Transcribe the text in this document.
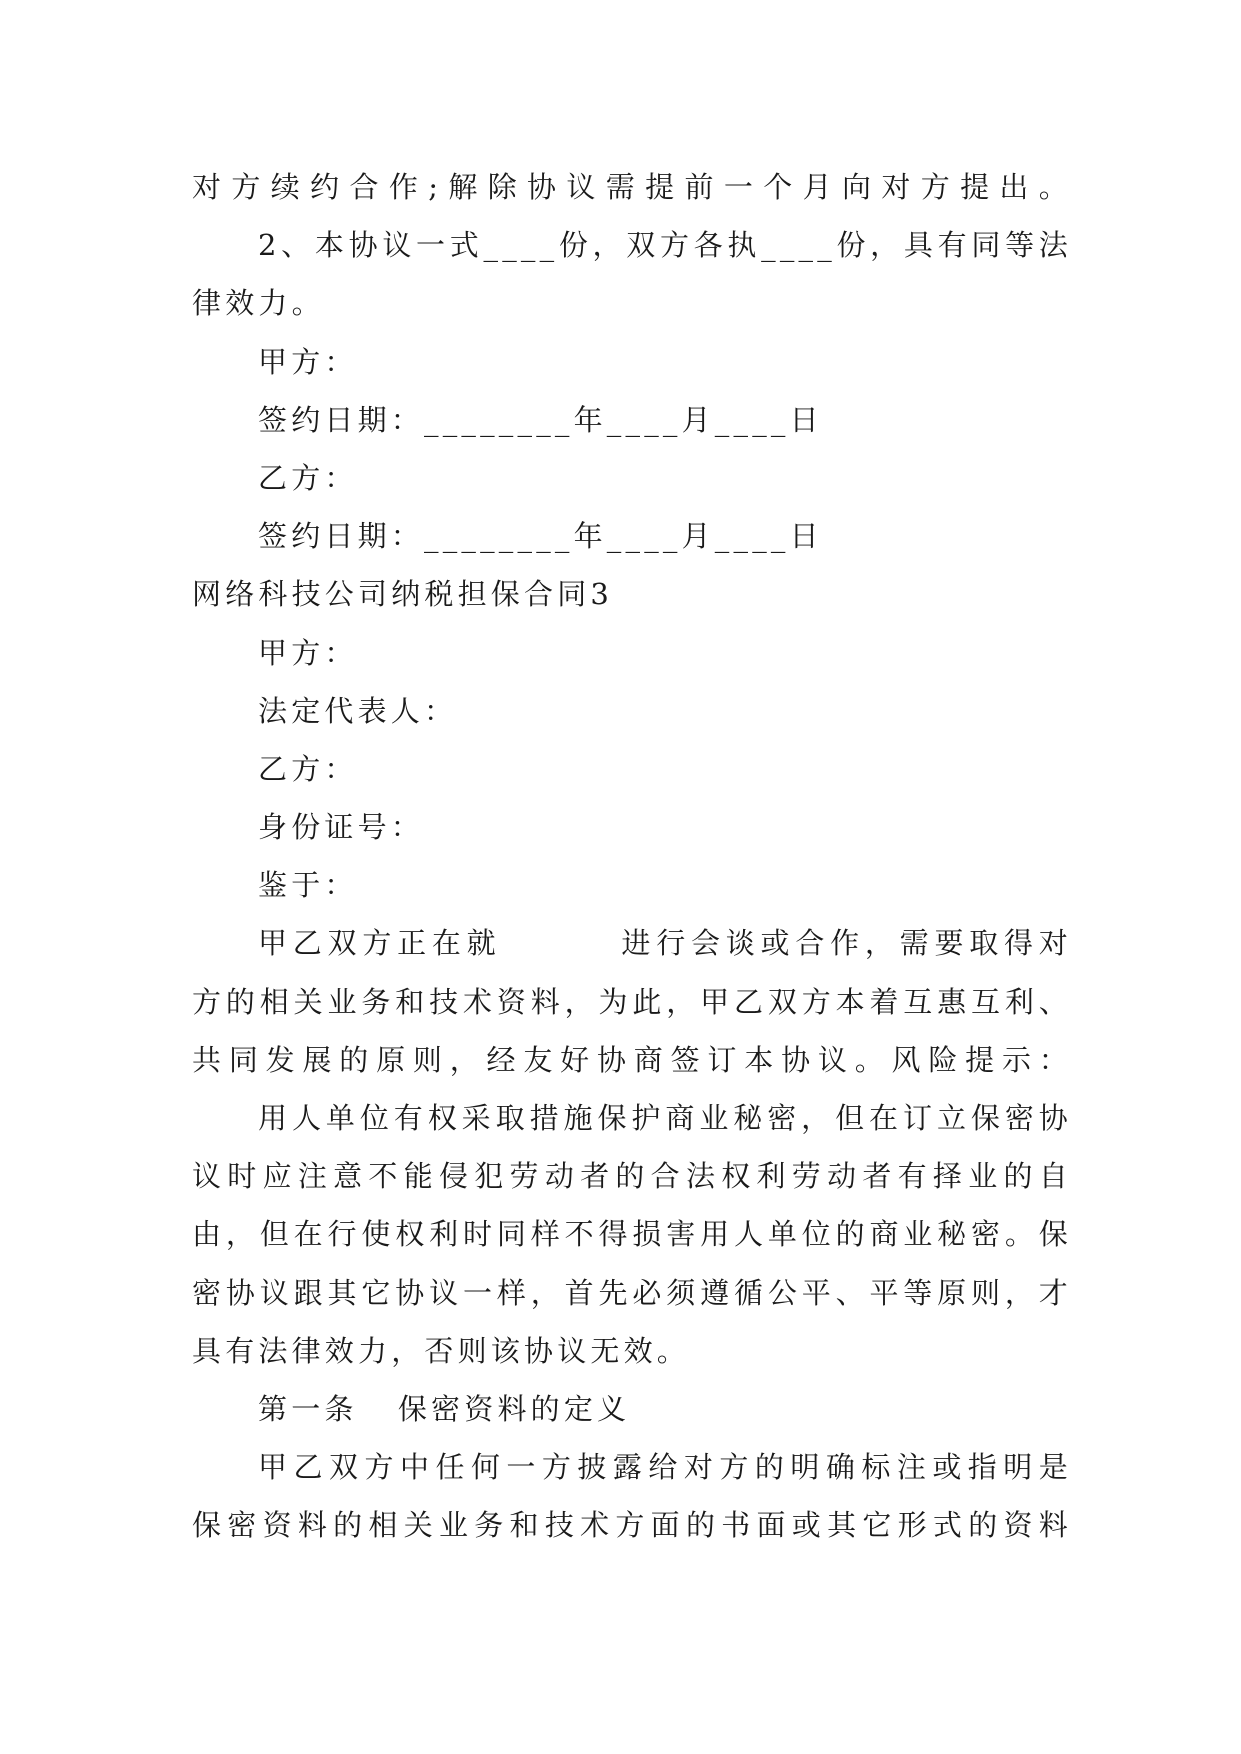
对方续约合作;解除协议需提前一个月向对方提出。
2、本协议一式____份，双方各执____份，具有同等法
律效力。
甲方：
签约日期：________年____月____日
乙方：
签约日期：________年____月____日
网络科技公司纳税担保合同3
甲方：
法定代表人：
乙方：
身份证号：
鉴于：
甲乙双方正在就        进行会谈或合作，需要取得对
方的相关业务和技术资料，为此，甲乙双方本着互惠互利、
共同发展的原则，经友好协商签订本协议。风险提示：
用人单位有权采取措施保护商业秘密，但在订立保密协
议时应注意不能侵犯劳动者的合法权利劳动者有择业的自
由，但在行使权利时同样不得损害用人单位的商业秘密。保
密协议跟其它协议一样，首先必须遵循公平、平等原则，才
具有法律效力，否则该协议无效。
第一条   保密资料的定义
甲乙双方中任何一方披露给对方的明确标注或指明是
保密资料的相关业务和技术方面的书面或其它形式的资料
